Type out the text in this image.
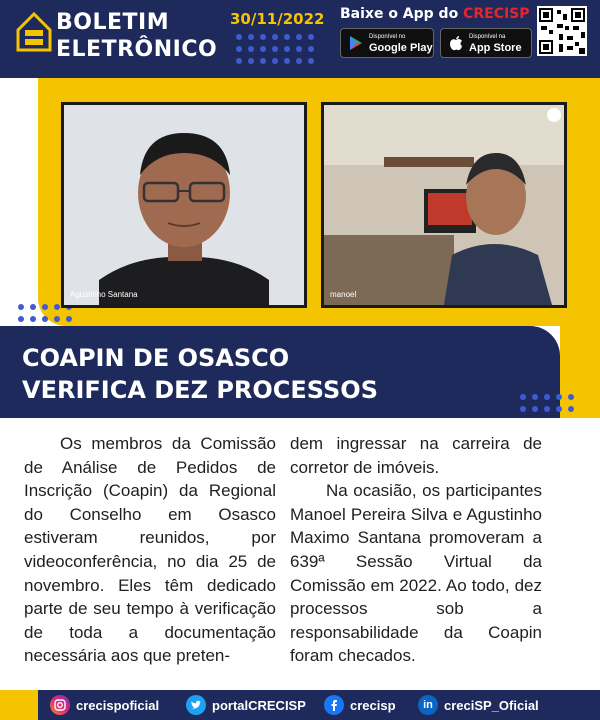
BOLETIM
ELETRÔNICO
30/11/2022 Baixe o App do CRECISP
Disponível no
Google Play
Disponível na
App Store
Agustinho Santana	manoel
COAPIN DE OSASCO
VERIFICA DEZ PROCESSOS

Os membros da Comissão de Análise de Pedidos de Inscrição (Coapin) da Regional do Conselho em Osasco estiveram reunidos, por videoconferência, no dia 25 de novembro. Eles têm dedicado parte de seu tempo à verificação de toda a documentação necessária aos que preten-

dem ingressar na carreira de corretor de imóveis.

Na ocasião, os participantes Manoel Pereira Silva e Agustinho Maximo Santana promoveram a 639ª Sessão Virtual da Comissão em 2022. Ao todo, dez processos sob a responsabilidade da Coapin foram checados.

crecispoficial	portalCRECISP	crecisp	in creciSP_Oficial
